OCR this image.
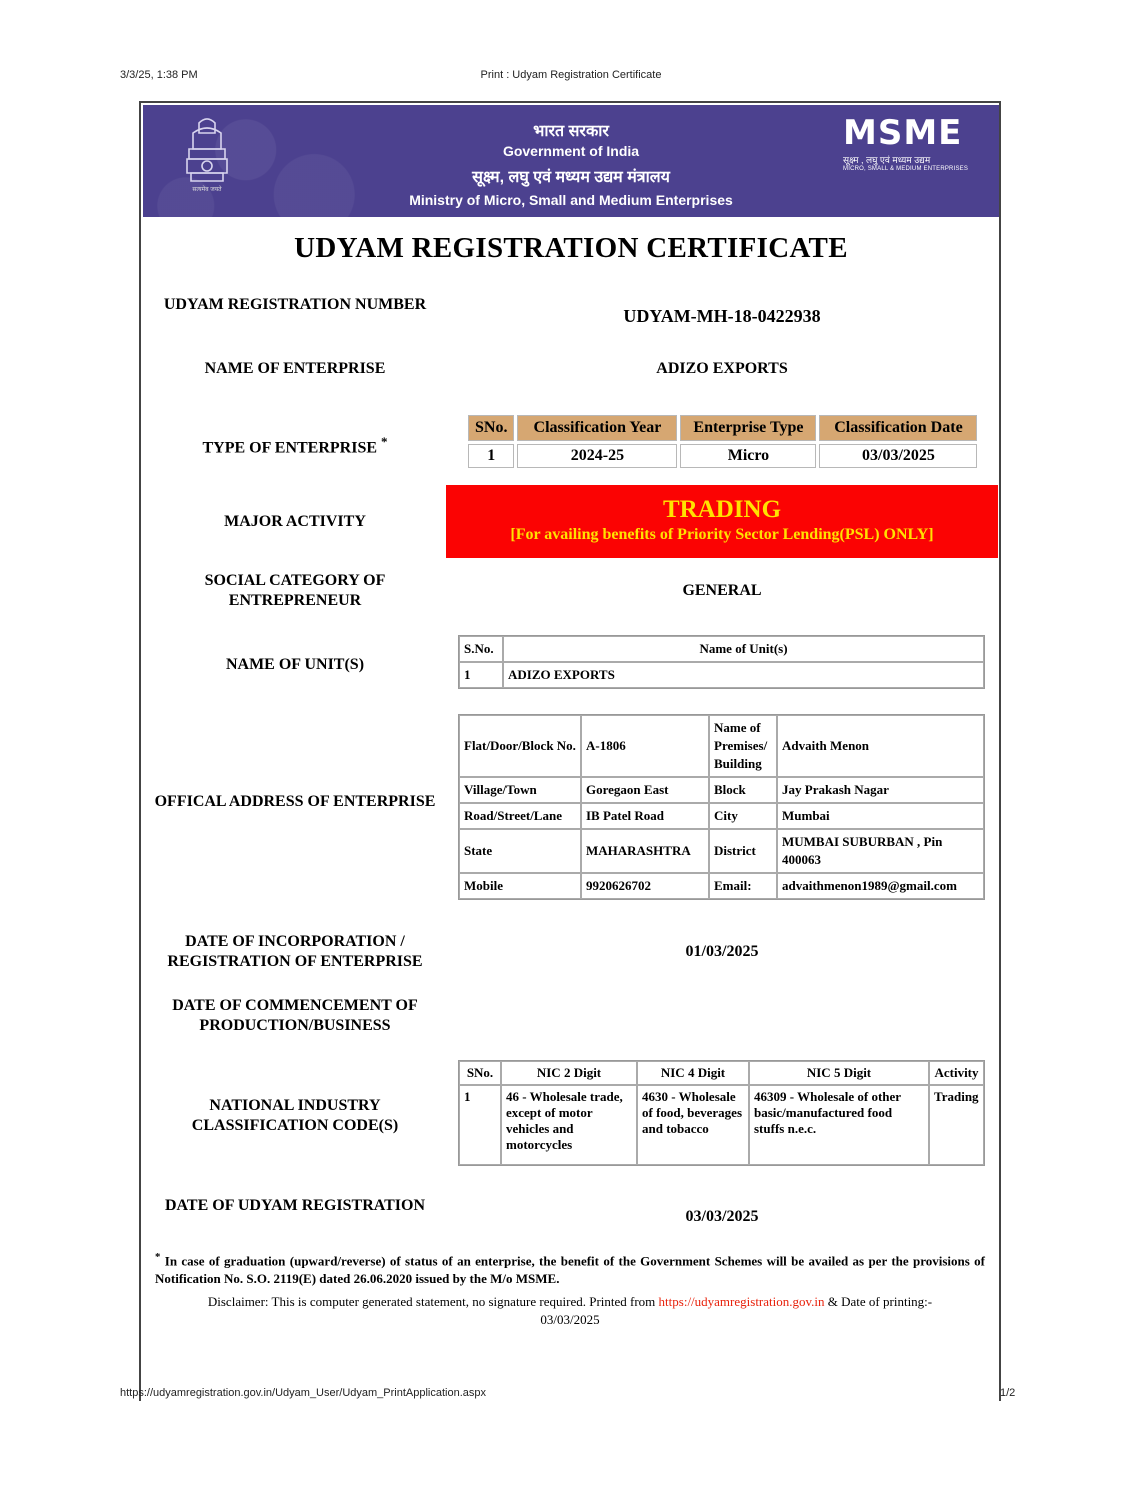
3/3/25, 1:38 PM	Print : Udyam Registration Certificate
सत्यमेव जयते
भारत सरकार
Government of India
सूक्ष्म, लघु एवं मध्यम उद्यम मंत्रालय
Ministry of Micro, Small and Medium Enterprises
MSME
सूक्ष्म , लघु एवं मध्यम उद्यम
MICRO, SMALL & MEDIUM ENTERPRISES
UDYAM REGISTRATION CERTIFICATE
UDYAM REGISTRATION NUMBER
UDYAM-MH-18-0422938
NAME OF ENTERPRISE	ADIZO EXPORTS
TYPE OF ENTERPRISE *
SNo.	Classification Year	Enterprise Type	Classification Date
1	2024-25	Micro	03/03/2025
MAJOR ACTIVITY	TRADING
[For availing benefits of Priority Sector Lending(PSL) ONLY]
SOCIAL CATEGORY OF ENTREPRENEUR
GENERAL
NAME OF UNIT(S)
S.No.	Name of Unit(s)
1	ADIZO EXPORTS
OFFICAL ADDRESS OF ENTERPRISE
Flat/Door/Block No.	A-1806	Name of Premises/ Building	Advaith Menon
Village/Town	Goregaon East	Block	Jay Prakash Nagar
Road/Street/Lane	IB Patel Road	City	Mumbai
State	MAHARASHTRA	District	MUMBAI SUBURBAN , Pin 400063
Mobile	9920626702	Email:	advaithmenon1989@gmail.com
DATE OF INCORPORATION / REGISTRATION OF ENTERPRISE
01/03/2025
DATE OF COMMENCEMENT OF PRODUCTION/BUSINESS
NATIONAL INDUSTRY CLASSIFICATION CODE(S)
SNo.	NIC 2 Digit	NIC 4 Digit	NIC 5 Digit	Activity
1	46 - Wholesale trade, except of motor vehicles and motorcycles	4630 - Wholesale of food, beverages and tobacco	46309 - Wholesale of other basic/manufactured food stuffs n.e.c.	Trading
DATE OF UDYAM REGISTRATION
03/03/2025
* In case of graduation (upward/reverse) of status of an enterprise, the benefit of the Government Schemes will be availed as per the provisions of Notification No. S.O. 2119(E) dated 26.06.2020 issued by the M/o MSME.
Disclaimer: This is computer generated statement, no signature required. Printed from https://udyamregistration.gov.in & Date of printing:-
03/03/2025
https://udyamregistration.gov.in/Udyam_User/Udyam_PrintApplication.aspx	1/2
